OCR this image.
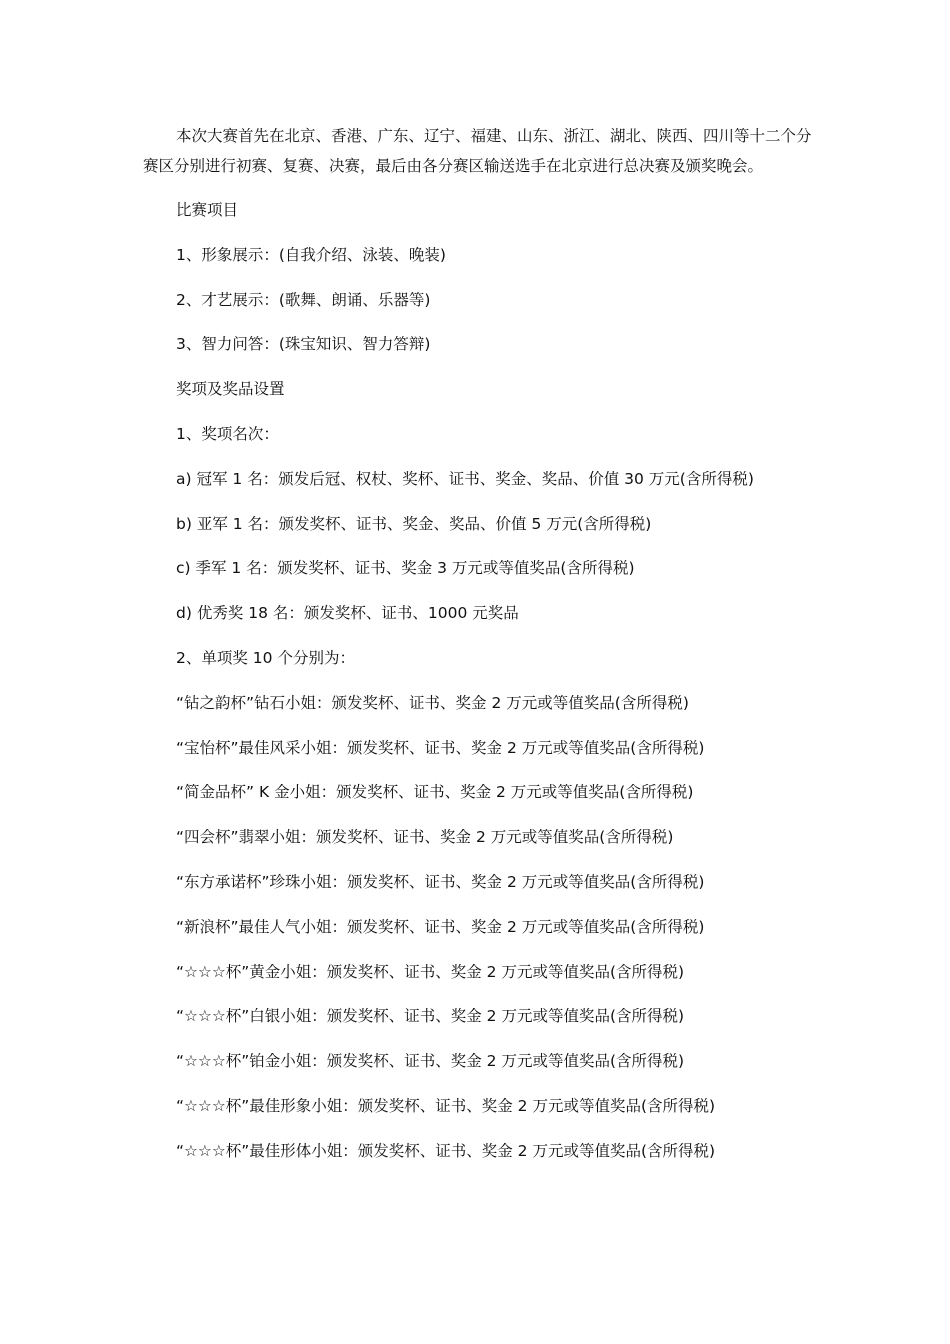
本次大赛首先在北京、香港、广东、辽宁、福建、山东、浙江、湖北、陕西、四川等十二个分赛区分别进行初赛、复赛、决赛，最后由各分赛区输送选手在北京进行总决赛及颁奖晚会。

比赛项目

1、形象展示：(自我介绍、泳装、晚装)

2、才艺展示：(歌舞、朗诵、乐器等)

3、智力问答：(珠宝知识、智力答辩)

奖项及奖品设置

1、奖项名次：

a) 冠军 1 名：颁发后冠、权杖、奖杯、证书、奖金、奖品、价值 30 万元(含所得税)

b) 亚军 1 名：颁发奖杯、证书、奖金、奖品、价值 5 万元(含所得税)

c) 季军 1 名：颁发奖杯、证书、奖金 3 万元或等值奖品(含所得税)

d) 优秀奖 18 名：颁发奖杯、证书、1000 元奖品

2、单项奖 10 个分别为：

“钻之韵杯”钻石小姐：颁发奖杯、证书、奖金 2 万元或等值奖品(含所得税)

“宝怡杯”最佳风采小姐：颁发奖杯、证书、奖金 2 万元或等值奖品(含所得税)

“简金品杯” K 金小姐：颁发奖杯、证书、奖金 2 万元或等值奖品(含所得税)

“四会杯”翡翠小姐：颁发奖杯、证书、奖金 2 万元或等值奖品(含所得税)

“东方承诺杯”珍珠小姐：颁发奖杯、证书、奖金 2 万元或等值奖品(含所得税)

“新浪杯”最佳人气小姐：颁发奖杯、证书、奖金 2 万元或等值奖品(含所得税)

“☆☆☆杯”黄金小姐：颁发奖杯、证书、奖金 2 万元或等值奖品(含所得税)

“☆☆☆杯”白银小姐：颁发奖杯、证书、奖金 2 万元或等值奖品(含所得税)

“☆☆☆杯”铂金小姐：颁发奖杯、证书、奖金 2 万元或等值奖品(含所得税)

“☆☆☆杯”最佳形象小姐：颁发奖杯、证书、奖金 2 万元或等值奖品(含所得税)

“☆☆☆杯”最佳形体小姐：颁发奖杯、证书、奖金 2 万元或等值奖品(含所得税)
